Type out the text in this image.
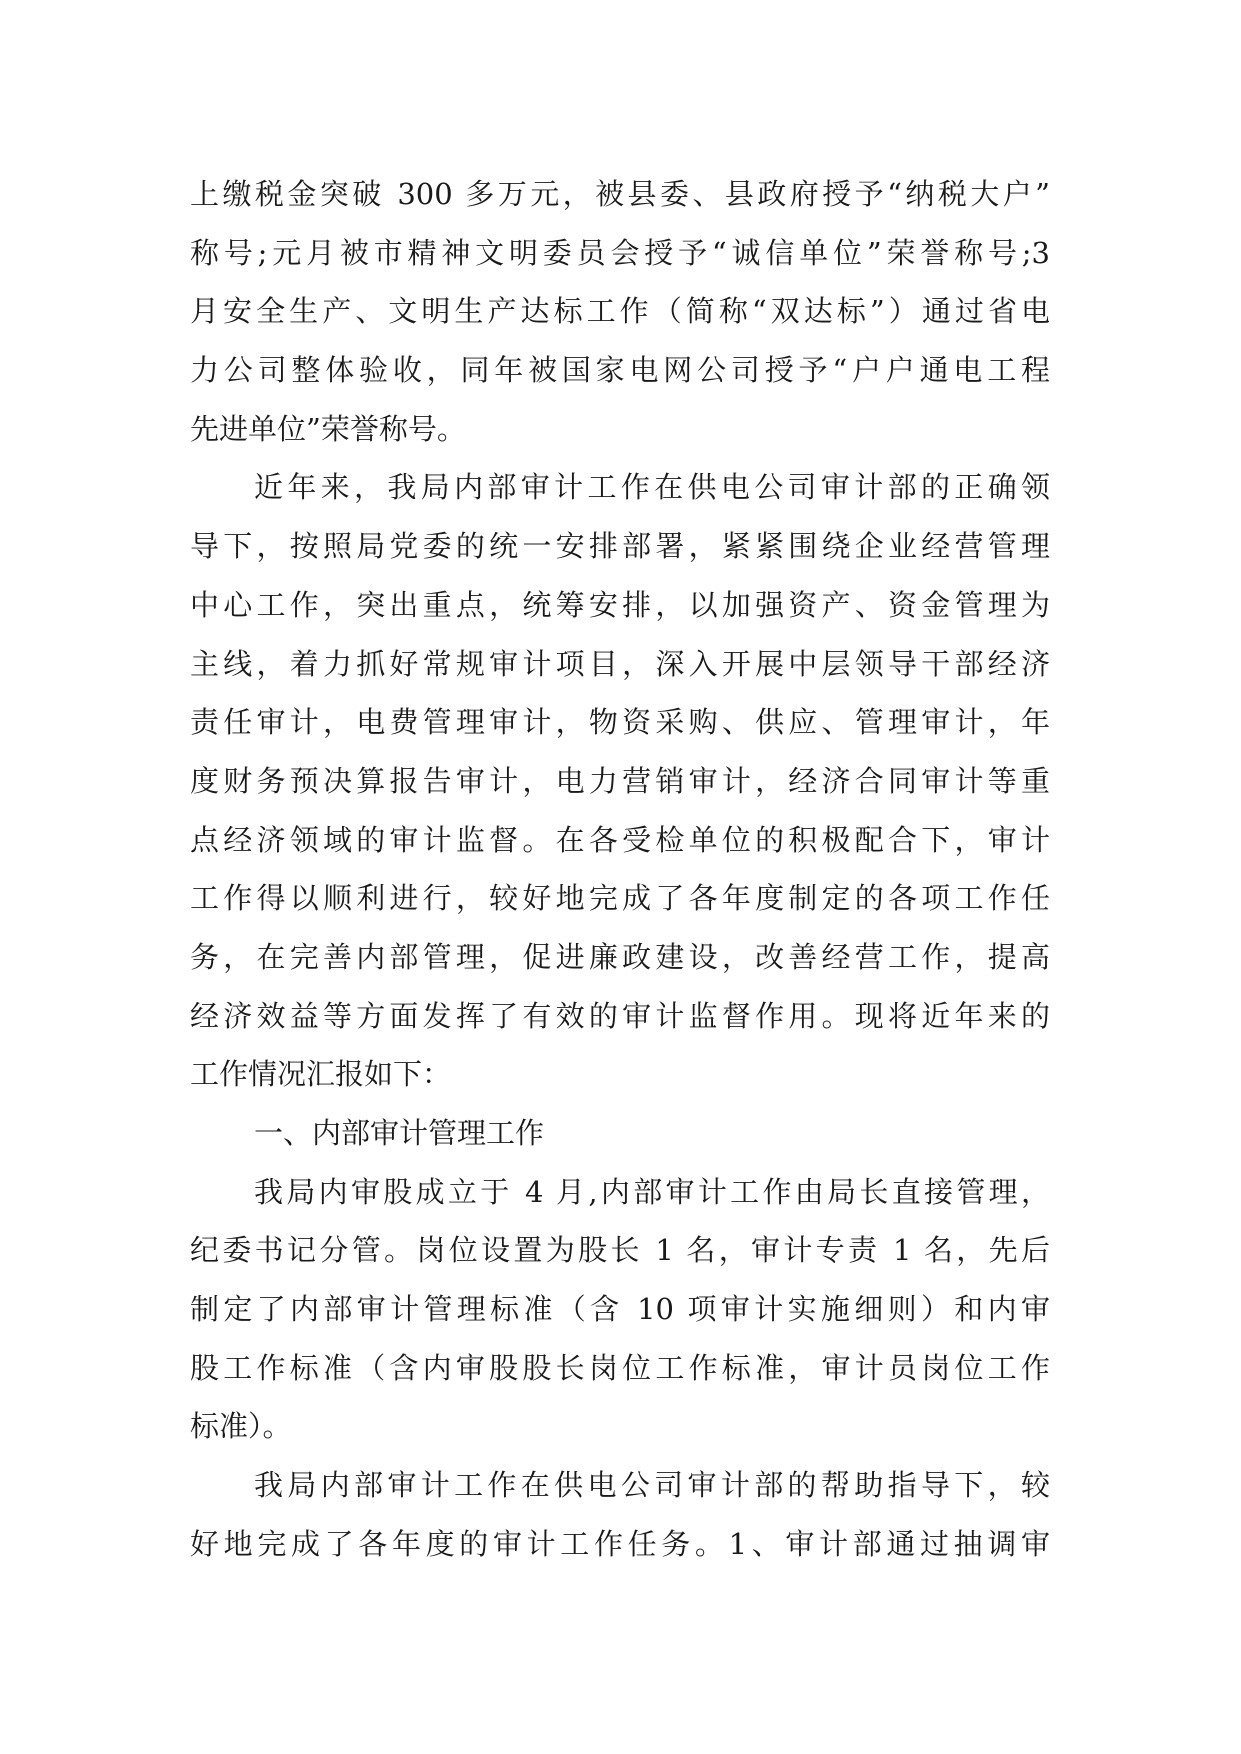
上缴税金突破 300 多万元，被县委、县政府授予“纳税大户”
称号;元月被市精神文明委员会授予“诚信单位”荣誉称号;3
月安全生产、文明生产达标工作（简称“双达标”）通过省电
力公司整体验收，同年被国家电网公司授予“户户通电工程
先进单位”荣誉称号。
近年来，我局内部审计工作在供电公司审计部的正确领
导下，按照局党委的统一安排部署，紧紧围绕企业经营管理
中心工作，突出重点，统筹安排，以加强资产、资金管理为
主线，着力抓好常规审计项目，深入开展中层领导干部经济
责任审计，电费管理审计，物资采购、供应、管理审计，年
度财务预决算报告审计，电力营销审计，经济合同审计等重
点经济领域的审计监督。在各受检单位的积极配合下，审计
工作得以顺利进行，较好地完成了各年度制定的各项工作任
务，在完善内部管理，促进廉政建设，改善经营工作，提高
经济效益等方面发挥了有效的审计监督作用。现将近年来的
工作情况汇报如下：
一、内部审计管理工作
我局内审股成立于 4 月,内部审计工作由局长直接管理，
纪委书记分管。岗位设置为股长 1 名，审计专责 1 名，先后
制定了内部审计管理标准（含 10 项审计实施细则）和内审
股工作标准（含内审股股长岗位工作标准，审计员岗位工作
标准）。
我局内部审计工作在供电公司审计部的帮助指导下，较
好地完成了各年度的审计工作任务。1、审计部通过抽调审
